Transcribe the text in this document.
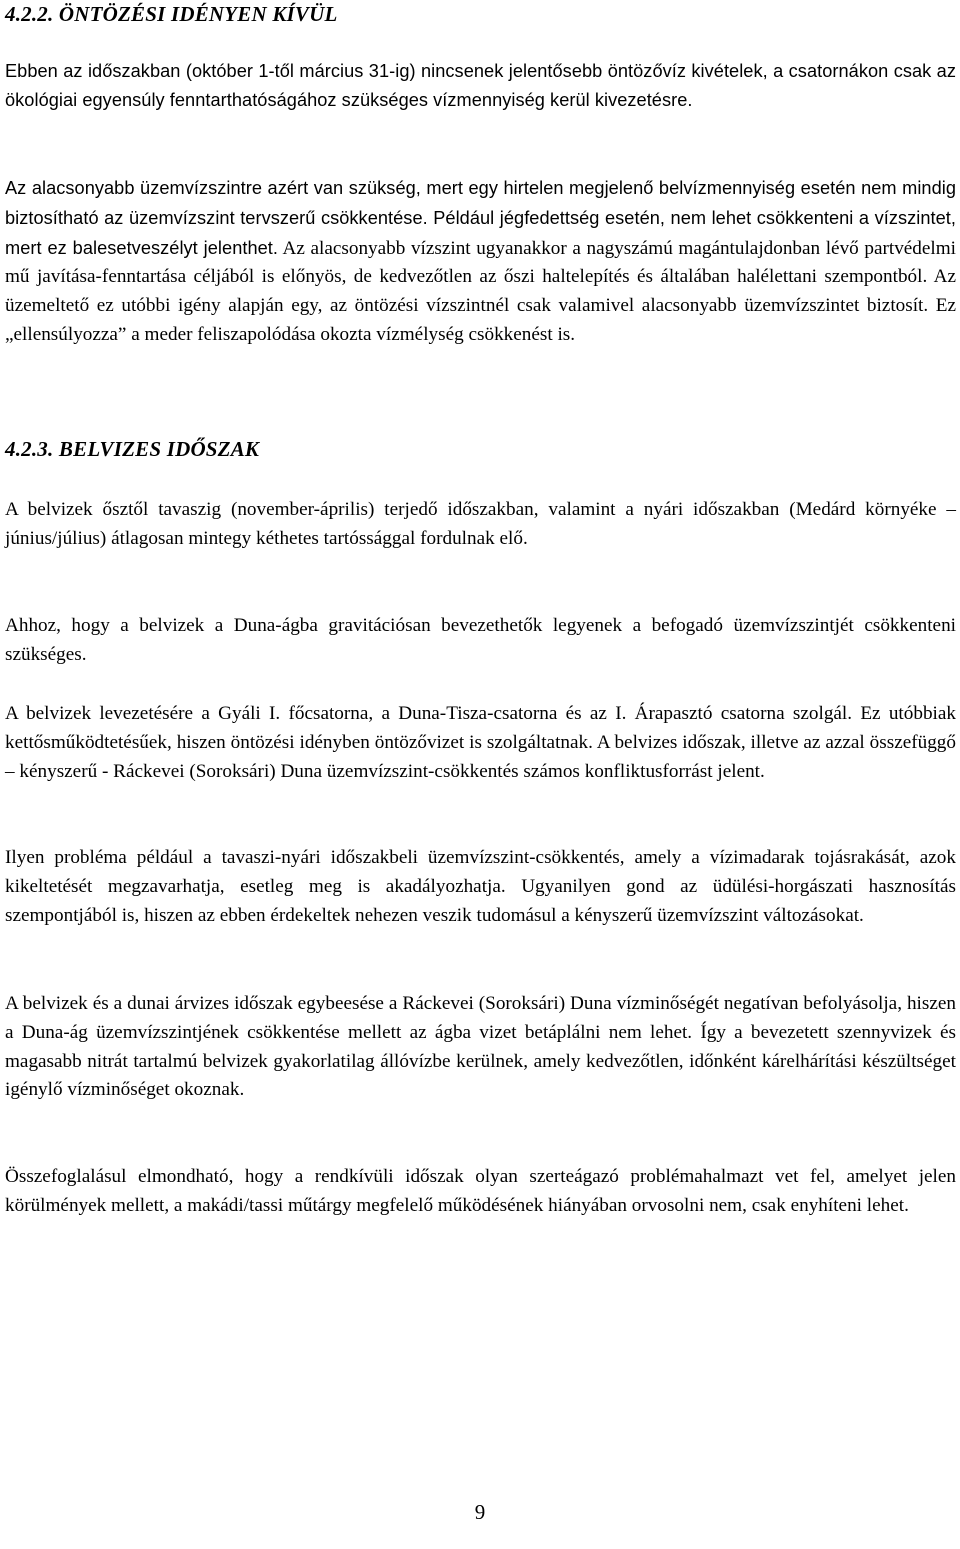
4.2.2. ÖNTÖZÉSI IDÉNYEN KÍVÜL

Ebben az időszakban (október 1-től március 31-ig) nincsenek jelentősebb öntözővíz kivételek, a csatornákon csak az ökológiai egyensúly fenntarthatóságához szükséges vízmennyiség kerül kivezetésre.

Az alacsonyabb üzemvízszintre azért van szükség, mert egy hirtelen megjelenő belvízmennyiség esetén nem mindig biztosítható az üzemvízszint tervszerű csökkentése. Például jégfedettség esetén, nem lehet csökkenteni a vízszintet, mert ez balesetveszélyt jelenthet. Az alacsonyabb vízszint ugyanakkor a nagyszámú magántulajdonban lévő partvédelmi mű javítása-fenntartása céljából is előnyös, de kedvezőtlen az őszi haltelepítés és általában halélettani szempontból. Az üzemeltető ez utóbbi igény alapján egy, az öntözési vízszintnél csak valamivel alacsonyabb üzemvízszintet biztosít. Ez „ellensúlyozza” a meder feliszapolódása okozta vízmélység csökkenést is.

4.2.3. BELVIZES IDŐSZAK

A belvizek ősztől tavaszig (november-április) terjedő időszakban, valamint a nyári időszakban (Medárd környéke – június/július) átlagosan mintegy kéthetes tartóssággal fordulnak elő.

Ahhoz, hogy a belvizek a Duna-ágba gravitációsan bevezethetők legyenek a befogadó üzemvízszintjét csökkenteni szükséges.

A belvizek levezetésére a Gyáli I. főcsatorna, a Duna-Tisza-csatorna és az I. Árapasztó csatorna szolgál. Ez utóbbiak kettősműködtetésűek, hiszen öntözési idényben öntözővizet is szolgáltatnak. A belvizes időszak, illetve az azzal összefüggő – kényszerű - Ráckevei (Soroksári) Duna üzemvízszint-csökkentés számos konfliktusforrást jelent.

Ilyen probléma például a tavaszi-nyári időszakbeli üzemvízszint-csökkentés, amely a vízimadarak tojásrakását, azok kikeltetését megzavarhatja, esetleg meg is akadályozhatja. Ugyanilyen gond az üdülési-horgászati hasznosítás szempontjából is, hiszen az ebben érdekeltek nehezen veszik tudomásul a kényszerű üzemvízszint változásokat.

A belvizek és a dunai árvizes időszak egybeesése a Ráckevei (Soroksári) Duna vízminőségét negatívan befolyásolja, hiszen a Duna-ág üzemvízszintjének csökkentése mellett az ágba vizet betáplálni nem lehet. Így a bevezetett szennyvizek és magasabb nitrát tartalmú belvizek gyakorlatilag állóvízbe kerülnek, amely kedvezőtlen, időnként kárelhárítási készültséget igénylő vízminőséget okoznak.

Összefoglalásul elmondható, hogy a rendkívüli időszak olyan szerteágazó problémahalmazt vet fel, amelyet jelen körülmények mellett, a makádi/tassi műtárgy megfelelő működésének hiányában orvosolni nem, csak enyhíteni lehet.

9
